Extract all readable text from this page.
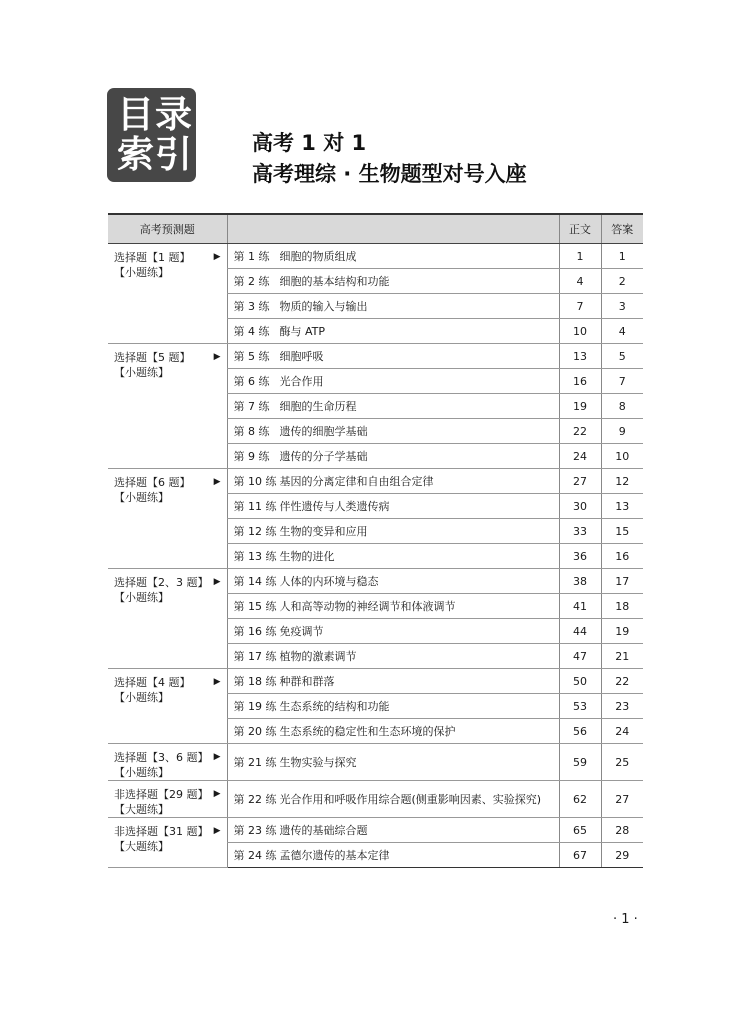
目录
索引	高考 1 对 1
高考理综 · 生物题型对号入座
高考预测题		正文	答案

选择题【1 题】
【小题练】
▶	第 1 练 细胞的物质组成	1	1
	第 2 练 细胞的基本结构和功能	4	2
	第 3 练 物质的输入与输出	7	3
	第 4 练 酶与 ATP	10	4

选择题【5 题】
【小题练】
▶	第 5 练 细胞呼吸	13	5
	第 6 练 光合作用	16	7
	第 7 练 细胞的生命历程	19	8
	第 8 练 遗传的细胞学基础	22	9
	第 9 练 遗传的分子学基础	24	10

选择题【6 题】
【小题练】
▶	第 10 练 基因的分离定律和自由组合定律	27	12
	第 11 练 伴性遗传与人类遗传病	30	13
	第 12 练 生物的变异和应用	33	15
	第 13 练 生物的进化	36	16

选择题【2、3 题】
【小题练】
▶	第 14 练 人体的内环境与稳态	38	17
	第 15 练 人和高等动物的神经调节和体液调节	41	18
	第 16 练 免疫调节	44	19
	第 17 练 植物的激素调节	47	21

选择题【4 题】
【小题练】
▶	第 18 练 种群和群落	50	22
	第 19 练 生态系统的结构和功能	53	23
	第 20 练 生态系统的稳定性和生态环境的保护	56	24

选择题【3、6 题】
【小题练】
▶	第 21 练 生物实验与探究	59	25

非选择题【29 题】
【大题练】
▶	第 22 练 光合作用和呼吸作用综合题(侧重影响因素、实验探究)	62	27

非选择题【31 题】
【大题练】
▶	第 23 练 遗传的基础综合题	65	28
	第 24 练 孟德尔遗传的基本定律	67	29
· 1 ·
